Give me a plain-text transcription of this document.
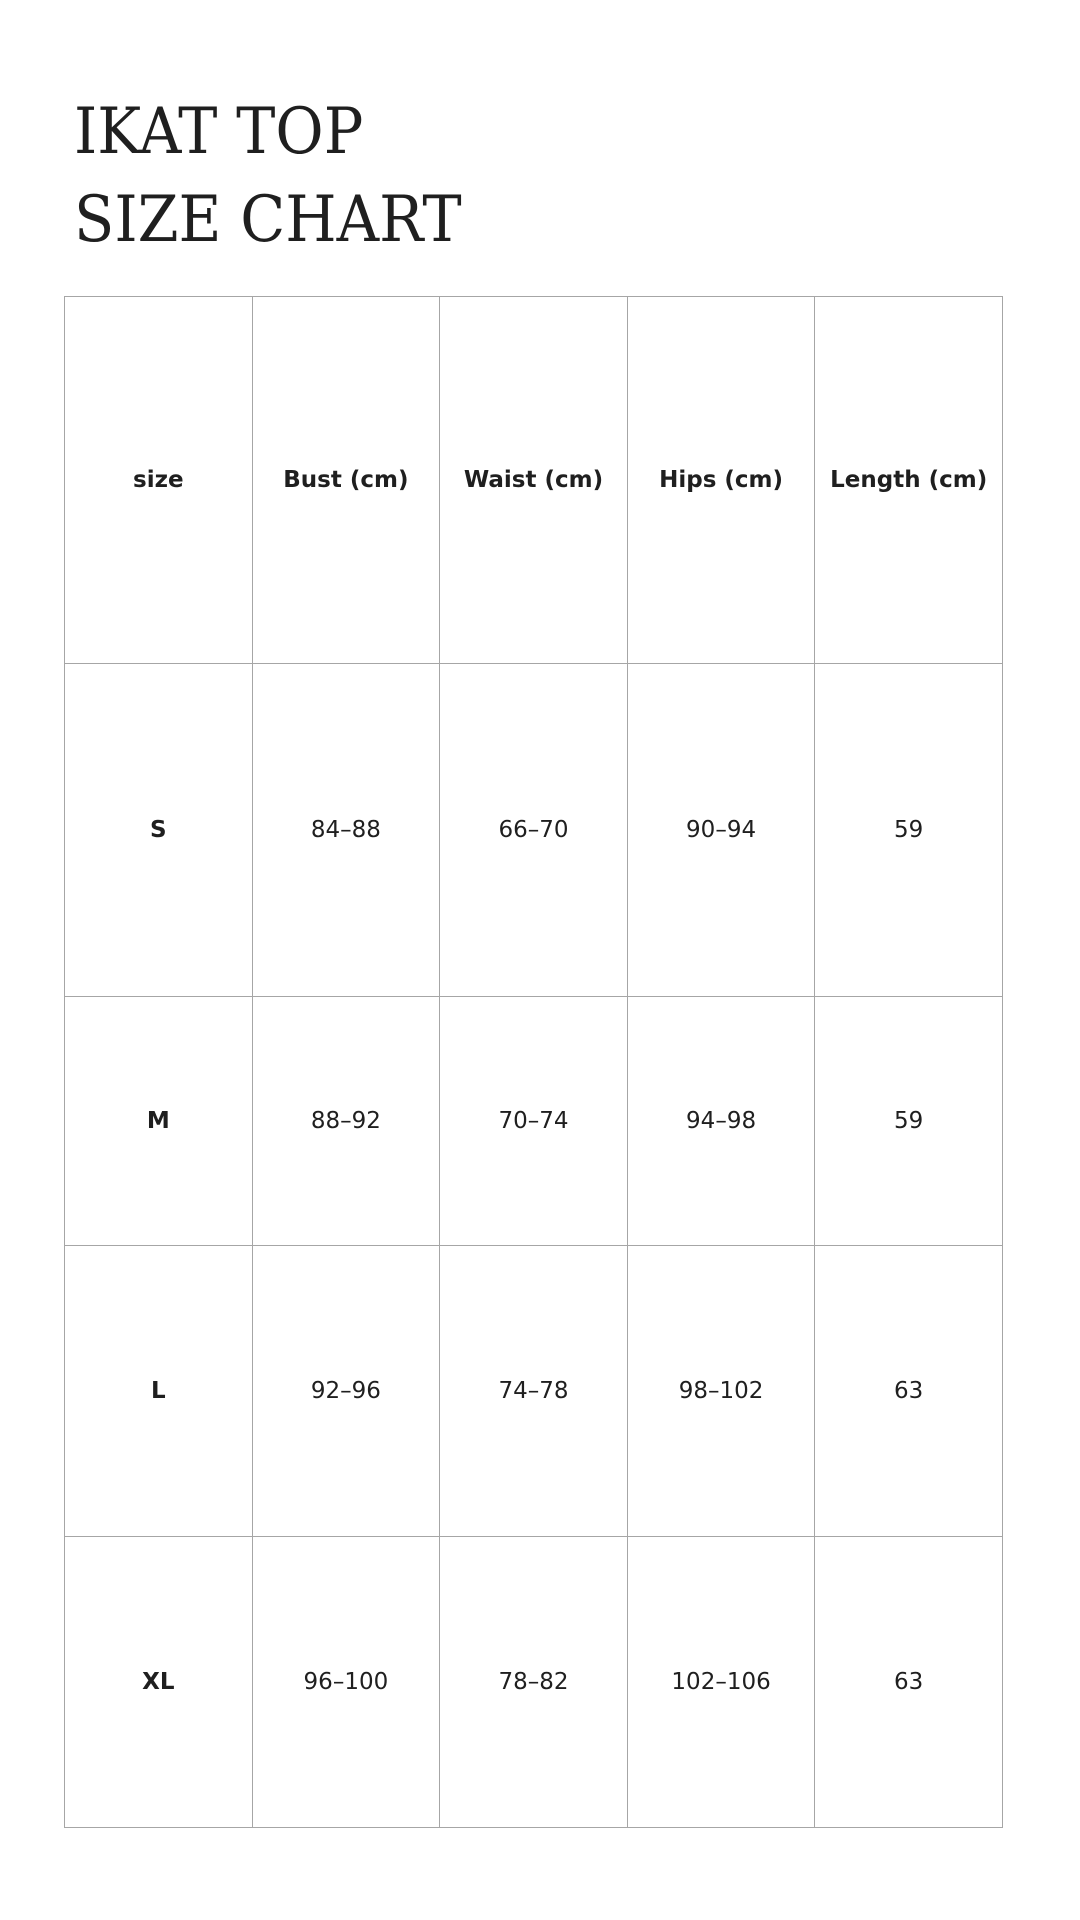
IKAT TOP
SIZE CHART
size	Bust (cm)	Waist (cm)	Hips (cm)	Length (cm)
S	84–88	66–70	90–94	59
M	88–92	70–74	94–98	59
L	92–96	74–78	98–102	63
XL	96–100	78–82	102–106	63
